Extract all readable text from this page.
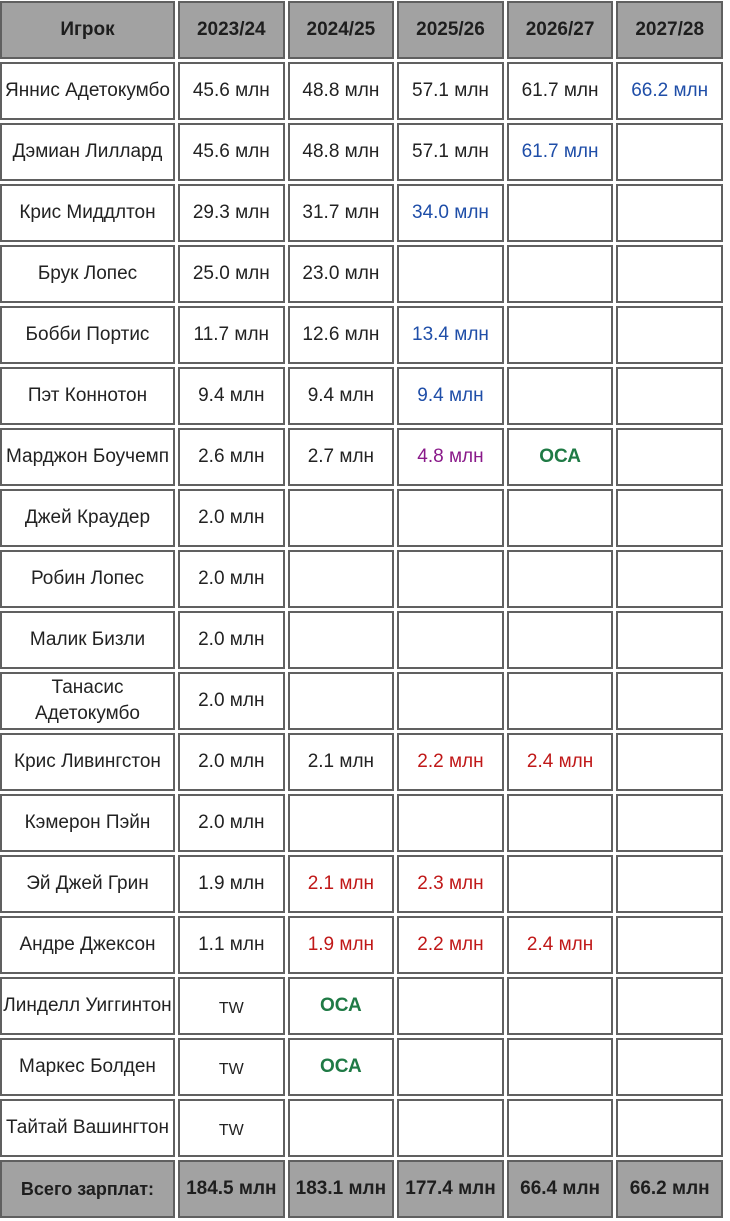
Игрок	2023/24	2024/25	2025/26	2026/27	2027/28
Яннис Адетокумбо	45.6 млн	48.8 млн	57.1 млн	61.7 млн	66.2 млн
Дэмиан Лиллард	45.6 млн	48.8 млн	57.1 млн	61.7 млн	
Крис Миддлтон	29.3 млн	31.7 млн	34.0 млн		
Брук Лопес	25.0 млн	23.0 млн			
Бобби Портис	11.7 млн	12.6 млн	13.4 млн		
Пэт Коннотон	9.4 млн	9.4 млн	9.4 млн		
Марджон Боучемп	2.6 млн	2.7 млн	4.8 млн	ОСА	
Джей Краудер	2.0 млн				
Робин Лопес	2.0 млн				
Малик Бизли	2.0 млн				
Танасис Адетокумбо	2.0 млн				
Крис Ливингстон	2.0 млн	2.1 млн	2.2 млн	2.4 млн	
Кэмерон Пэйн	2.0 млн				
Эй Джей Грин	1.9 млн	2.1 млн	2.3 млн		
Андре Джексон	1.1 млн	1.9 млн	2.2 млн	2.4 млн	
Линделл Уиггинтон	TW	ОСА			
Маркес Болден	TW	ОСА			
Тайтай Вашингтон	TW				
Всего зарплат:	184.5 млн	183.1 млн	177.4 млн	66.4 млн	66.2 млн
